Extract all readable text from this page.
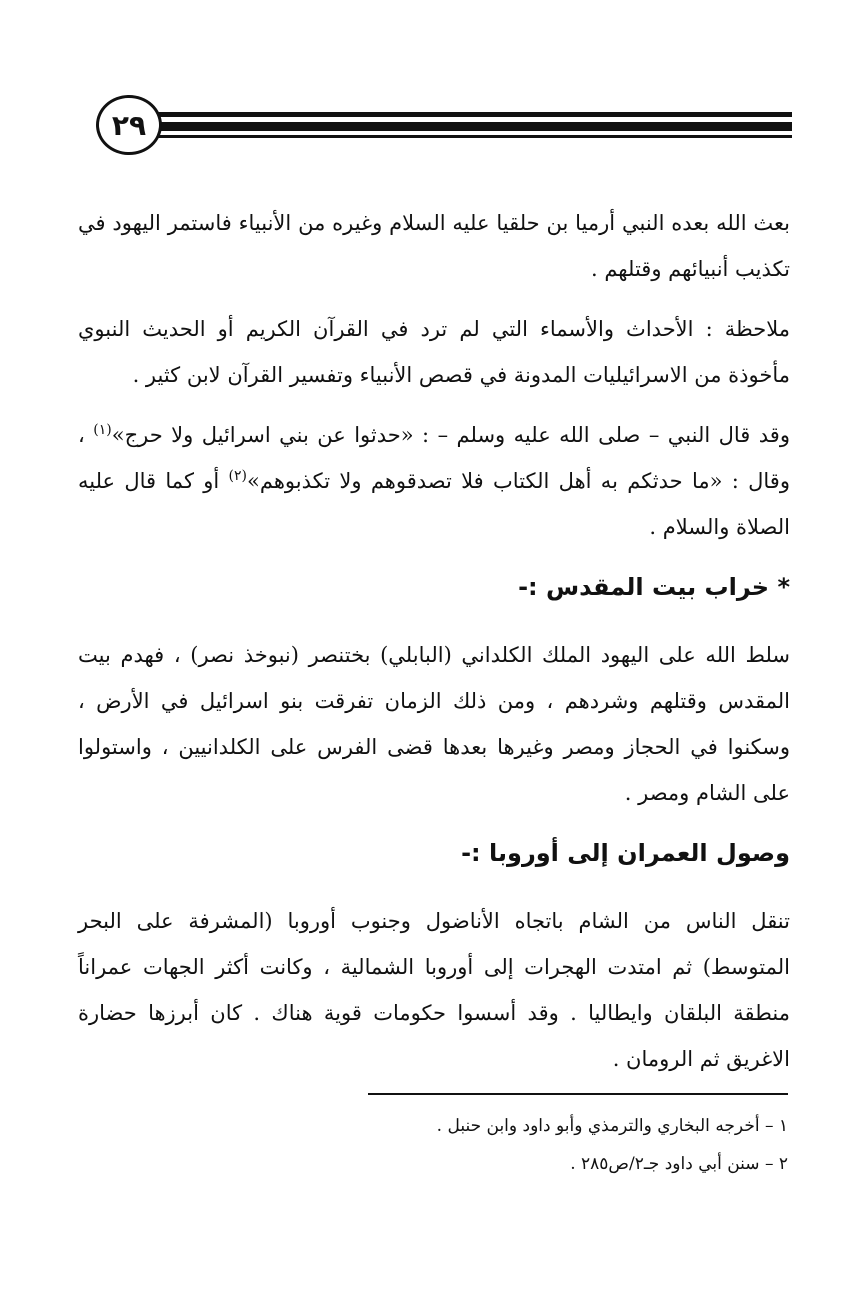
٢٩

بعث الله بعده النبي أرميا بن حلقيا عليه السلام وغيره من الأنبياء فاستمر اليهود في تكذيب أنبيائهم وقتلهم .

ملاحظة : الأحداث والأسماء التي لم ترد في القرآن الكريم أو الحديث النبوي مأخوذة من الاسرائيليات المدونة في قصص الأنبياء وتفسير القرآن لابن كثير .

وقد قال النبي – صلى الله عليه وسلم – : «حدثوا عن بني اسرائيل ولا حرج»$^{(١)}$ ، وقال : «ما حدثكم به أهل الكتاب فلا تصدقوهم ولا تكذبوهم»$^{(٢)}$ أو كما قال عليه الصلاة والسلام .

* خراب بيت المقدس :-

سلط الله على اليهود الملك الكلداني (البابلي) بختنصر (نبوخذ نصر) ، فهدم بيت المقدس وقتلهم وشردهم ، ومن ذلك الزمان تفرقت بنو اسرائيل في الأرض ، وسكنوا في الحجاز ومصر وغيرها بعدها قضى الفرس على الكلدانيين ، واستولوا على الشام ومصر .

وصول العمران إلى أوروبا :-

تنقل الناس من الشام باتجاه الأناضول وجنوب أوروبا (المشرفة على البحر المتوسط) ثم امتدت الهجرات إلى أوروبا الشمالية ، وكانت أكثر الجهات عمراناً منطقة البلقان وايطاليا . وقد أسسوا حكومات قوية هناك . كان أبرزها حضارة الاغريق ثم الرومان .

١ – أخرجه البخاري والترمذي وأبو داود وابن حنبل .

٢ – سنن أبي داود جـ٢/ص٢٨٥ .
